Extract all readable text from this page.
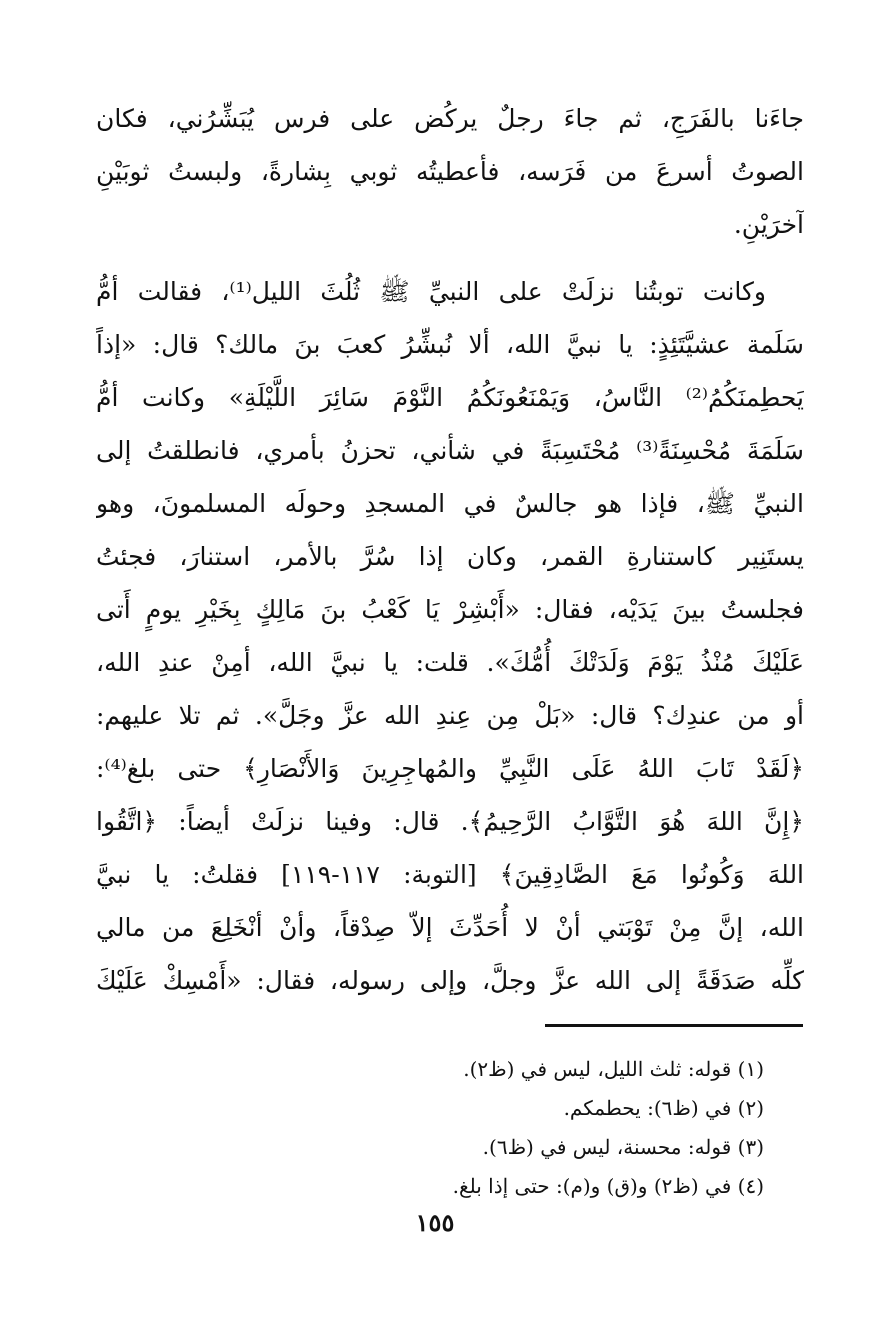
جاءَنا بالفَرَجِ، ثم جاءَ رجلٌ يركُض على فرس يُبَشِّرُني، فكان
الصوتُ أسرعَ من فَرَسه، فأعطيتُه ثوبي بِشارةً، ولبستُ ثوبَيْنِ
آخرَيْنِ.
وكانت توبتُنا نزلَتْ على النبيِّ ﷺ ثُلُثَ الليل⁽¹⁾، فقالت أمُّ
سَلَمة عشيَّتَئِذٍ: يا نبيَّ الله، ألا نُبشِّرُ كعبَ بنَ مالك؟ قال: «إذاً
يَحطِمنَكُمُ⁽²⁾ النَّاسُ، وَيَمْنَعُونَكُمُ النَّوْمَ سَائِرَ اللَّيْلَةِ» وكانت أمُّ
سَلَمَةَ مُحْسِنَةً⁽³⁾ مُحْتَسِبَةً في شأني، تحزنُ بأمري، فانطلقتُ إلى
النبيِّ ﷺ، فإذا هو جالسٌ في المسجدِ وحولَه المسلمونَ، وهو
يستَنِير كاستنارةِ القمر، وكان إذا سُرَّ بالأمر، استنارَ، فجئتُ
فجلستُ بينَ يَدَيْه، فقال: «أَبْشِرْ يَا كَعْبُ بنَ مَالِكٍ بِخَيْرِ يومٍ أَتى
عَلَيْكَ مُنْذُ يَوْمَ وَلَدَتْكَ أُمُّكَ». قلت: يا نبيَّ الله، أمِنْ عندِ الله،
أو من عندِك؟ قال: «بَلْ مِن عِندِ الله عزَّ وجَلَّ». ثم تلا عليهم:
﴿لَقَدْ تَابَ اللهُ عَلَى النَّبِيِّ والمُهاجِرِينَ وَالأَنْصَارِ﴾ حتى بلغ⁽⁴⁾:
﴿إِنَّ اللهَ هُوَ التَّوَّابُ الرَّحِيمُ﴾. قال: وفينا نزلَتْ أيضاً: ﴿اتَّقُوا
اللهَ وَكُونُوا مَعَ الصَّادِقِينَ﴾ [التوبة: ١١٧-١١٩] فقلتُ: يا نبيَّ
الله، إنَّ مِنْ تَوْبَتي أنْ لا أُحَدِّثَ إلاّ صِدْقاً، وأنْ أنْخَلِعَ من مالي
كلِّه صَدَقَةً إلى الله عزَّ وجلَّ، وإلى رسوله، فقال: «أَمْسِكْ عَلَيْكَ
(١) قوله: ثلث الليل، ليس في (ظ٢).
(٢) في (ظ٦): يحطمكم.
(٣) قوله: محسنة، ليس في (ظ٦).
(٤) في (ظ٢) و(ق) و(م): حتى إذا بلغ.
١٥٥
